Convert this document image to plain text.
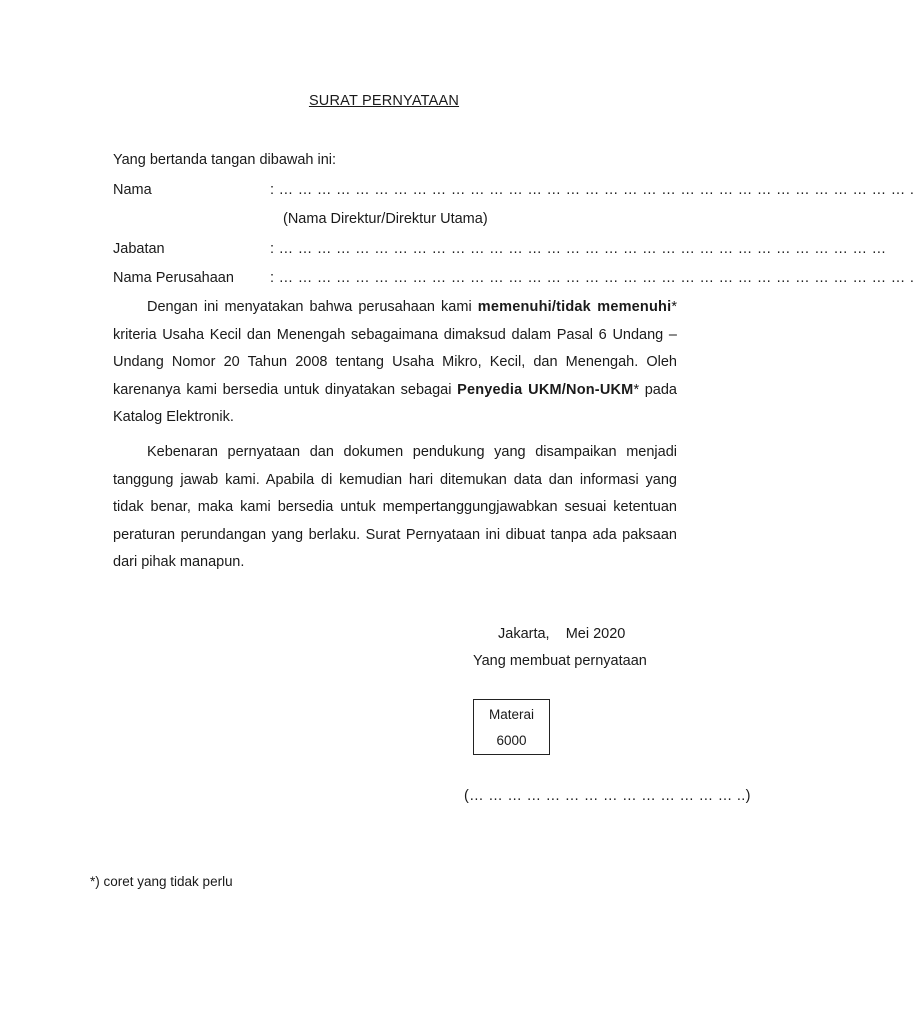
SURAT PERNYATAAN
Yang bertanda tangan dibawah ini:
Nama	: … … … … … … … … … … … … … … … … … … … … … … … … … … … … … … … … … .
(Nama Direktur/Direktur Utama)
Jabatan	: … … … … … … … … … … … … … … … … … … … … … … … … … … … … … … … …
Nama Perusahaan : … … … … … … … … … … … … … … … … … … … … … … … … … … … … … … … … … .

Dengan ini menyatakan bahwa perusahaan kami memenuhi/tidak memenuhi* kriteria Usaha Kecil dan Menengah sebagaimana dimaksud dalam Pasal 6 Undang – Undang Nomor 20 Tahun 2008 tentang Usaha Mikro, Kecil, dan Menengah. Oleh karenanya kami bersedia untuk dinyatakan sebagai Penyedia UKM/Non-UKM* pada Katalog Elektronik.

Kebenaran pernyataan dan dokumen pendukung yang disampaikan menjadi tanggung jawab kami. Apabila di kemudian hari ditemukan data dan informasi yang tidak benar, maka kami bersedia untuk mempertanggungjawabkan sesuai ketentuan peraturan perundangan yang berlaku. Surat Pernyataan ini dibuat tanpa ada paksaan dari pihak manapun.

Jakarta,    Mei 2020
Yang membuat pernyataan
Materai
6000
(… … … … … … … … … … … … … … ..)
*) coret yang tidak perlu
